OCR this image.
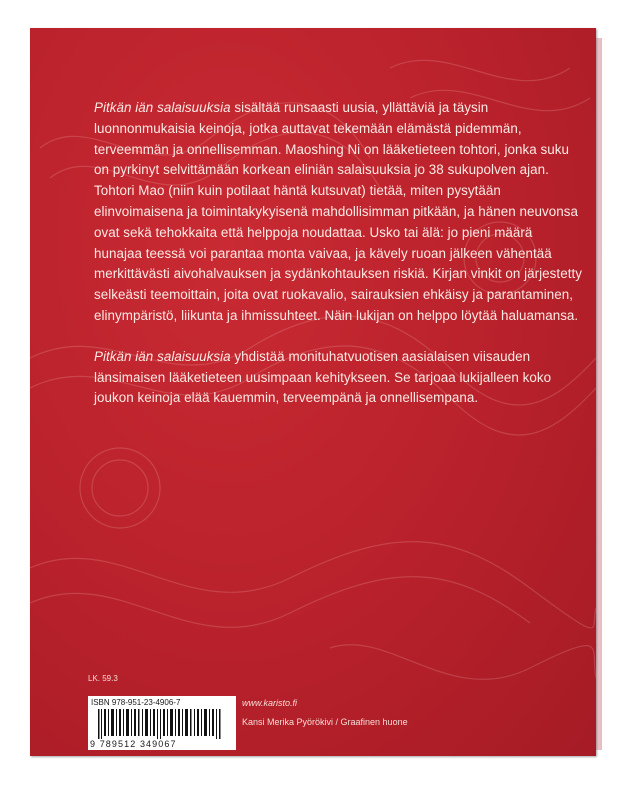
Pitkän iän salaisuuksia sisältää runsaasti uusia, yllättäviä ja täysin luonnonmukaisia keinoja, jotka auttavat tekemään elämästä pidemmän, terveemmän ja onnellisemman. Maoshing Ni on lääketieteen tohtori, jonka suku on pyrkinyt selvittämään korkean eliniän salaisuuksia jo 38 sukupolven ajan. Tohtori Mao (niin kuin potilaat häntä kutsuvat) tietää, miten pysytään elinvoimaisena ja toimintakykyisenä mahdollisimman pitkään, ja hänen neuvonsa ovat sekä tehokkaita että helppoja noudattaa. Usko tai älä: jo pieni määrä hunajaa teessä voi parantaa monta vaivaa, ja kävely ruoan jälkeen vähentää merkittävästi aivohalvauksen ja sydänkohtauksen riskiä. Kirjan vinkit on järjestetty selkeästi teemoittain, joita ovat ruokavalio, sairauksien ehkäisy ja parantaminen, elinympäristö, liikunta ja ihmissuhteet. Näin lukijan on helppo löytää haluamansa.

Pitkän iän salaisuuksia yhdistää monituhatvuotisen aasialaisen viisauden länsimaisen lääketieteen uusimpaan kehitykseen. Se tarjoaa lukijalleen koko joukon keinoja elää kauemmin, terveempänä ja onnellisempana.

LK. 59.3
ISBN 978-951-23-4906-7
9 789512 349067
www.karisto.fi
Kansi Merika Pyörökivi / Graafinen huone
